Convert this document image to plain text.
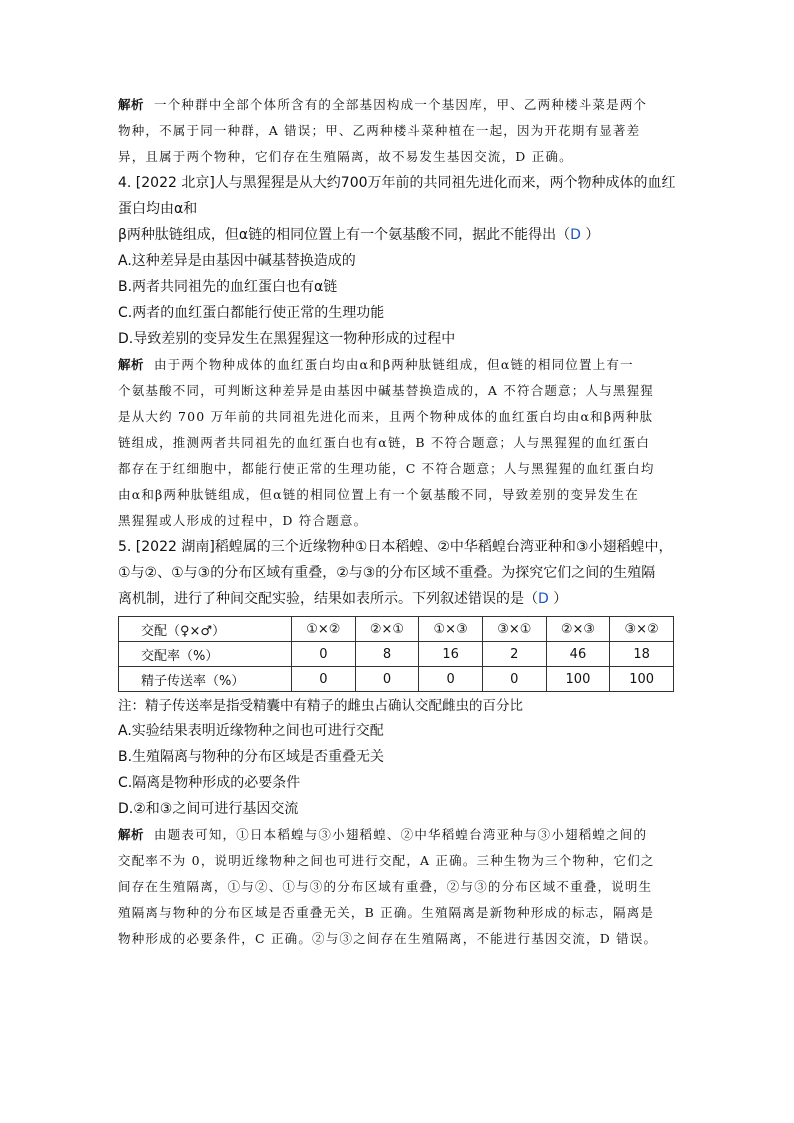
解析 一个种群中全部个体所含有的全部基因构成一个基因库，甲、乙两种楼斗菜是两个

物种，不属于同一种群，A 错误；甲、乙两种楼斗菜种植在一起，因为开花期有显著差

异，且属于两个物种，它们存在生殖隔离，故不易发生基因交流，D 正确。

4. [2022 北京]人与黑猩猩是从大约700万年前的共同祖先进化而来，两个物种成体的血红

蛋白均由α和

β两种肽链组成，但α链的相同位置上有一个氨基酸不同，据此不能得出（D ）

A.这种差异是由基因中碱基替换造成的

B.两者共同祖先的血红蛋白也有α链

C.两者的血红蛋白都能行使正常的生理功能

D.导致差别的变异发生在黑猩猩这一物种形成的过程中

解析 由于两个物种成体的血红蛋白均由α和β两种肽链组成，但α链的相同位置上有一

个氨基酸不同，可判断这种差异是由基因中碱基替换造成的，A 不符合题意；人与黑猩猩

是从大约 700 万年前的共同祖先进化而来，且两个物种成体的血红蛋白均由α和β两种肽

链组成，推测两者共同祖先的血红蛋白也有α链，B 不符合题意；人与黑猩猩的血红蛋白

都存在于红细胞中，都能行使正常的生理功能，C 不符合题意；人与黑猩猩的血红蛋白均

由α和β两种肽链组成，但α链的相同位置上有一个氨基酸不同，导致差别的变异发生在

黑猩猩或人形成的过程中，D 符合题意。

5. [2022 湖南]稻蝗属的三个近缘物种①日本稻蝗、②中华稻蝗台湾亚种和③小翅稻蝗中，

①与②、①与③的分布区域有重叠，②与③的分布区域不重叠。为探究它们之间的生殖隔

离机制，进行了种间交配实验，结果如表所示。下列叙述错误的是（D ）

交配（♀×♂）	①×②	②×①	①×③	③×①	②×③	③×②
交配率（%）	0	8	16	2	46	18
精子传送率（%）	0	0	0	0	100	100

注：精子传送率是指受精囊中有精子的雌虫占确认交配雌虫的百分比

A.实验结果表明近缘物种之间也可进行交配

B.生殖隔离与物种的分布区域是否重叠无关

C.隔离是物种形成的必要条件

D.②和③之间可进行基因交流

解析 由题表可知，①日本稻蝗与③小翅稻蝗、②中华稻蝗台湾亚种与③小翅稻蝗之间的

交配率不为 0，说明近缘物种之间也可进行交配，A 正确。三种生物为三个物种，它们之

间存在生殖隔离，①与②、①与③的分布区域有重叠，②与③的分布区域不重叠，说明生

殖隔离与物种的分布区域是否重叠无关，B 正确。生殖隔离是新物种形成的标志，隔离是

物种形成的必要条件，C 正确。②与③之间存在生殖隔离，不能进行基因交流，D 错误。
